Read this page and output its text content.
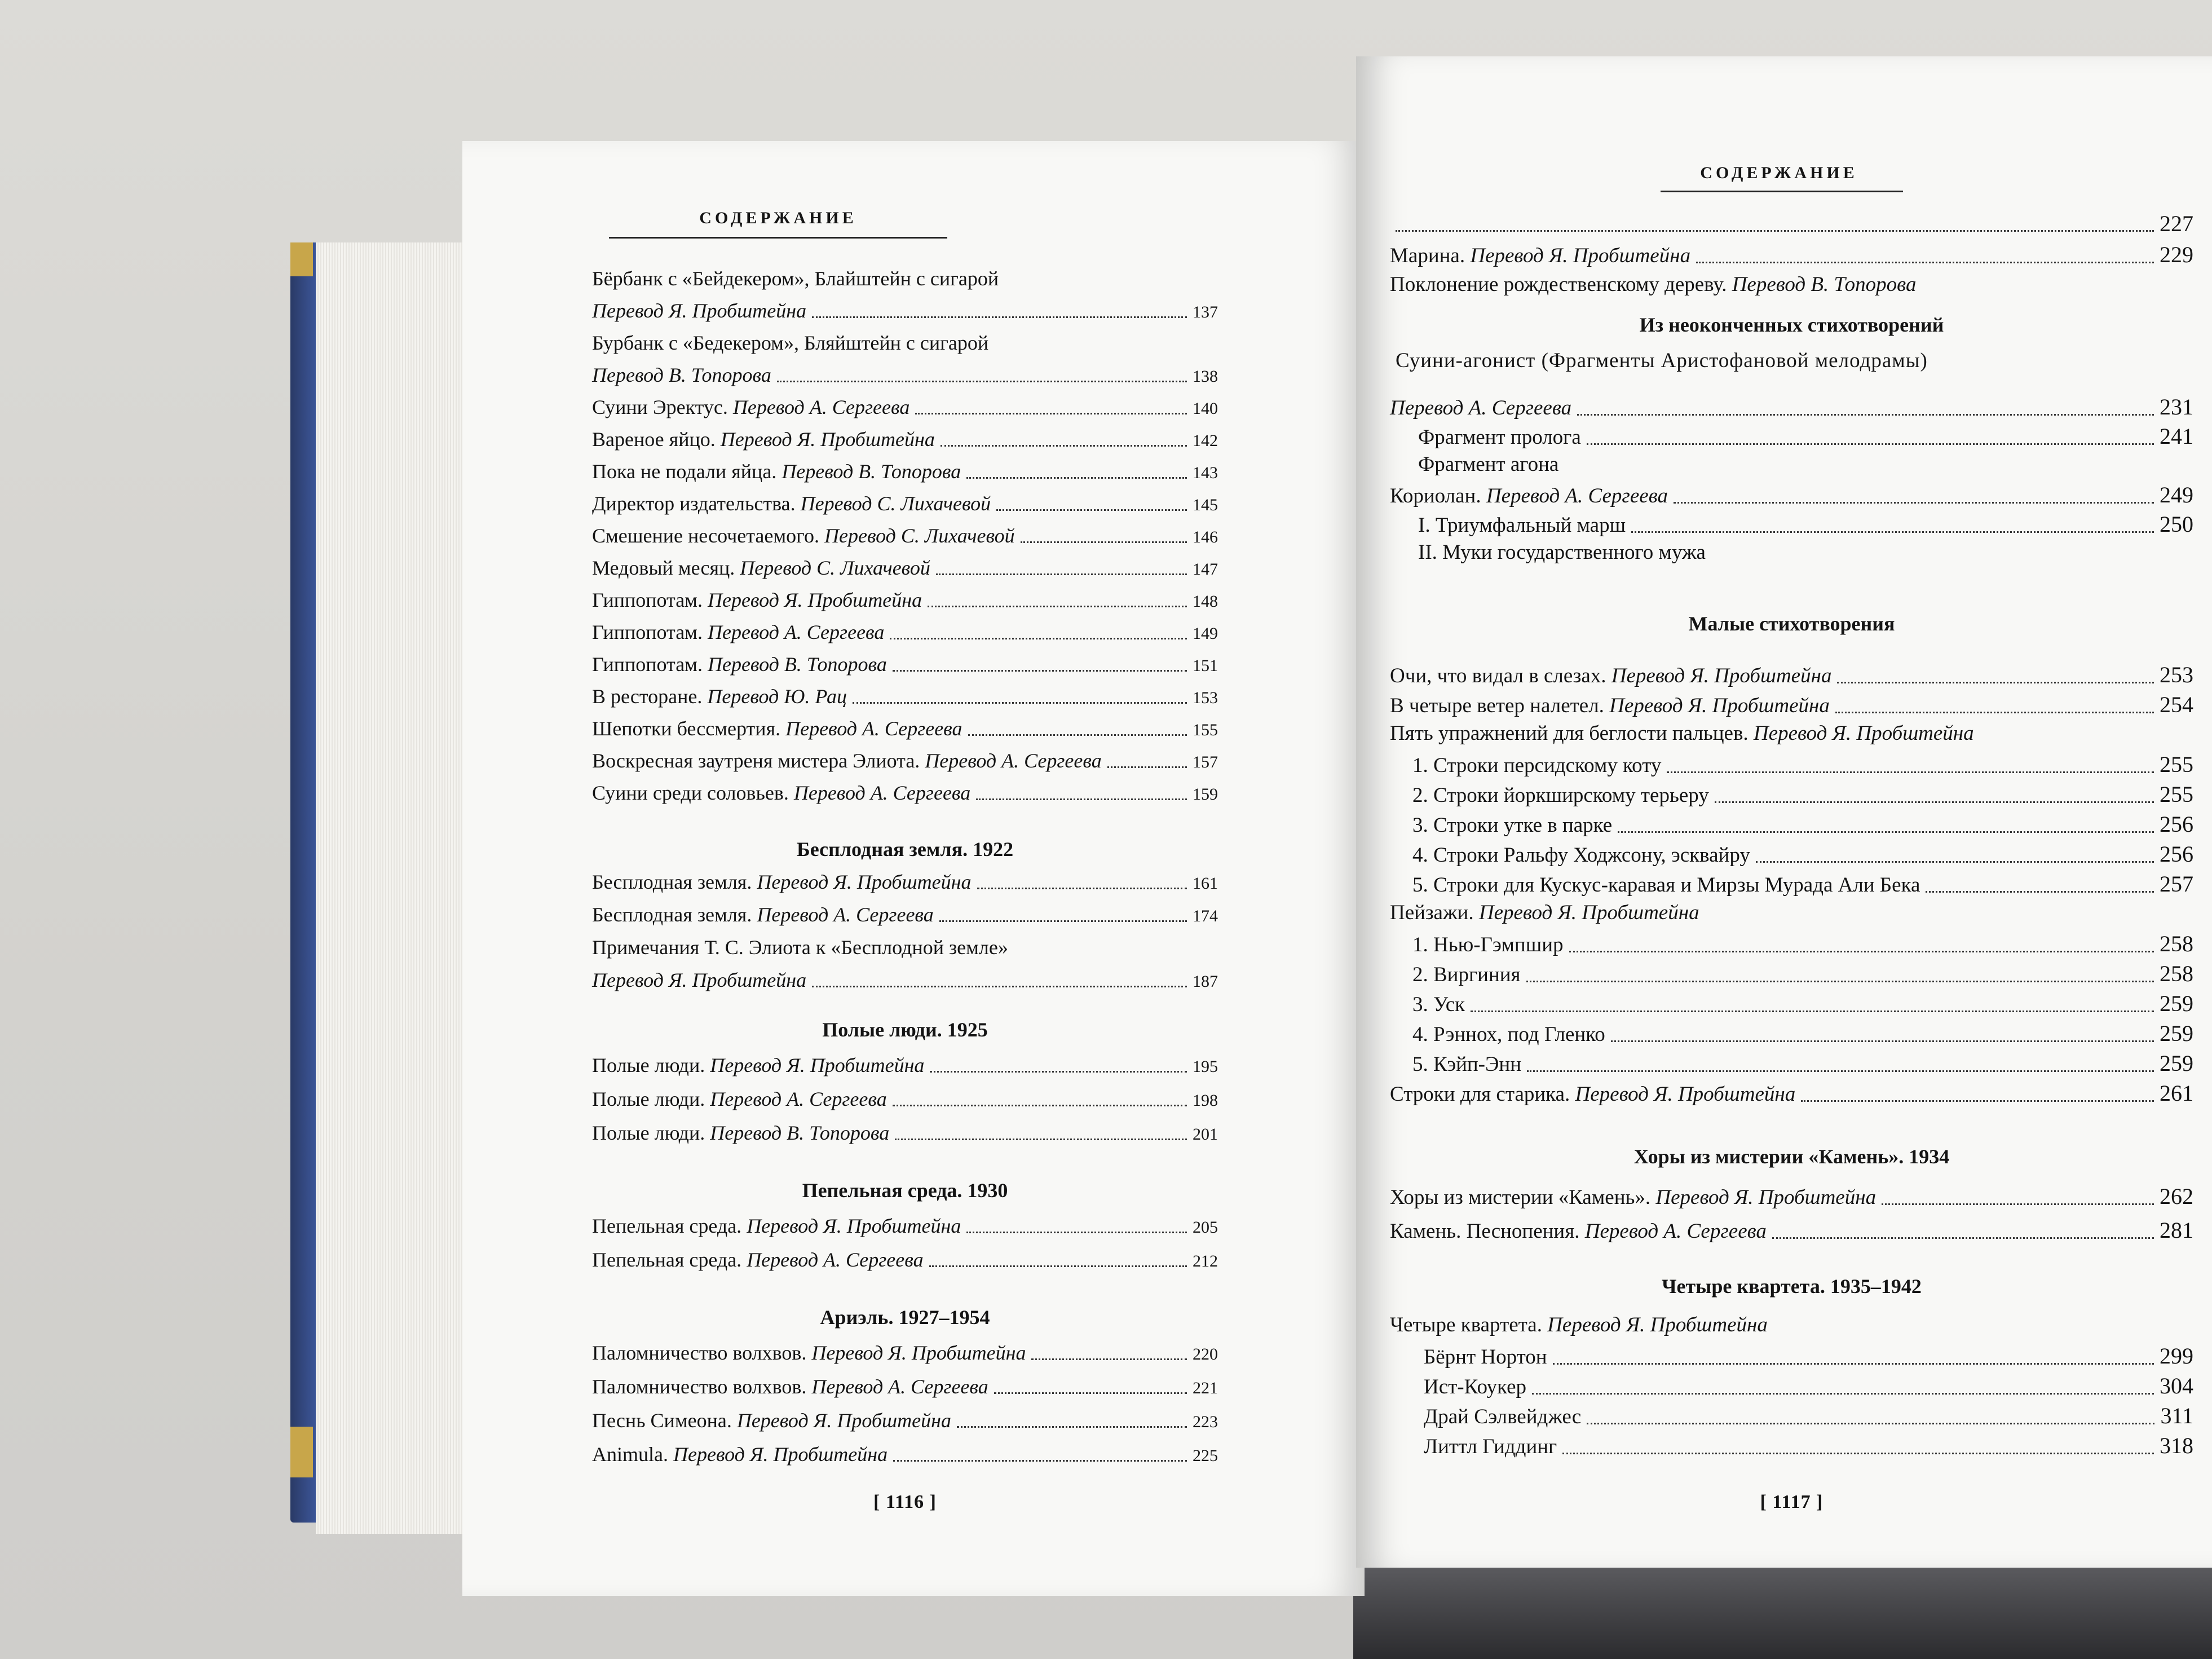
СОДЕРЖАНИЕ
Бёрбанк с «Бейдекером», Блайштейн с сигарой
Перевод Я. Пробштейна	137
Бурбанк с «Бедекером», Бляйштейн с сигарой
Перевод В. Топорова	138
Суини Эректус. Перевод А. Сергеева	140
Вареное яйцо. Перевод Я. Пробштейна	142
Пока не подали яйца. Перевод В. Топорова	143
Директор издательства. Перевод С. Лихачевой	145
Смешение несочетаемого. Перевод С. Лихачевой	146
Медовый месяц. Перевод С. Лихачевой	147
Гиппопотам. Перевод Я. Пробштейна	148
Гиппопотам. Перевод А. Сергеева	149
Гиппопотам. Перевод В. Топорова	151
В ресторане. Перевод Ю. Рац	153
Шепотки бессмертия. Перевод А. Сергеева	155
Воскресная заутреня мистера Элиота. Перевод А. Сергеева	157
Суини среди соловьев. Перевод А. Сергеева	159
Бесплодная земля. 1922
Бесплодная земля. Перевод Я. Пробштейна	161
Бесплодная земля. Перевод А. Сергеева	174
Примечания Т. С. Элиота к «Бесплодной земле»
Перевод Я. Пробштейна	187
Полые люди. 1925
Полые люди. Перевод Я. Пробштейна	195
Полые люди. Перевод А. Сергеева	198
Полые люди. Перевод В. Топорова	201
Пепельная среда. 1930
Пепельная среда. Перевод Я. Пробштейна	205
Пепельная среда. Перевод А. Сергеева	212
Ариэль. 1927–1954
Паломничество волхвов. Перевод Я. Пробштейна	220
Паломничество волхвов. Перевод А. Сергеева	221
Песнь Симеона. Перевод Я. Пробштейна	223
Animula. Перевод Я. Пробштейна	225
[ 1116 ]
СОДЕРЖАНИЕ
227
Марина. Перевод Я. Пробштейна	229
Поклонение рождественскому дереву. Перевод В. Топорова
Из неоконченных стихотворений
Суини-агонист (Фрагменты Аристофановой мелодрамы)
Перевод А. Сергеева	231
Фрагмент пролога	241
Фрагмент агона
Кориолан. Перевод А. Сергеева	249
I. Триумфальный марш	250
II. Муки государственного мужа
Малые стихотворения
Очи, что видал в слезах. Перевод Я. Пробштейна	253
В четыре ветер налетел. Перевод Я. Пробштейна	254
Пять упражнений для беглости пальцев. Перевод Я. Пробштейна
1. Строки персидскому коту	255
2. Строки йоркширскому терьеру	255
3. Строки утке в парке	256
4. Строки Ральфу Ходжсону, эсквайру	256
5. Строки для Кускус-каравая и Мирзы Мурада Али Бека	257
Пейзажи. Перевод Я. Пробштейна
1. Нью-Гэмпшир	258
2. Виргиния	258
3. Уск	259
4. Рэннох, под Гленко	259
5. Кэйп-Энн	259
Строки для старика. Перевод Я. Пробштейна	261
Хоры из мистерии «Камень». 1934
Хоры из мистерии «Камень». Перевод Я. Пробштейна	262
Камень. Песнопения. Перевод А. Сергеева	281
Четыре квартета. 1935–1942
Четыре квартета. Перевод Я. Пробштейна
Бёрнт Нортон	299
Ист-Коукер	304
Драй Сэлвейджес	311
Литтл Гиддинг	318
[ 1117 ]
